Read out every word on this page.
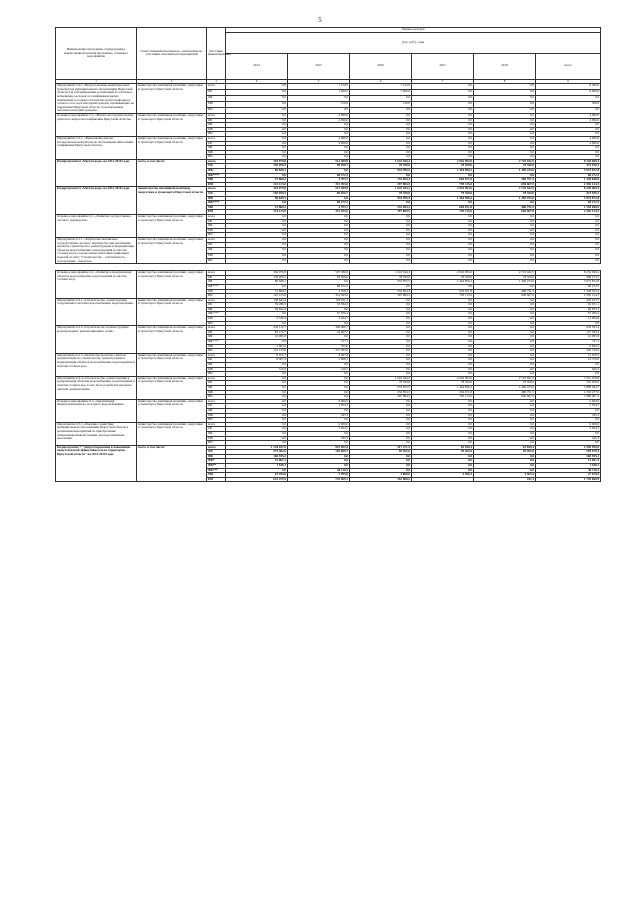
5
Наименование программы, подпрограммы, ведомственной целевой программы, основного мероприятия	Ответственный исполнитель, соисполнители, участники, исполнители мероприятий	Источник финансирования	Оценка расходов					
			(тыс. руб.), годы					
			2014	2015	2016	2017	2018	итого
1	2	3	4	5	6	7	8	9
Мероприятие 5.4.1 «Предоставление межбюджетных трансфертов муниципальным образованиям Иркутской области для субсидирования организаций на частичное возмещение расходов по газификации жилых помещений, в которых обеспечена подача природного сетевого газа, всех категорий граждан, проживающих на территории Иркутской области, за исключением льготных категорий граждан»	министерство жилищной политики, энергетики и транспорта Иркутской области	всего	0,0	1 150,0	7 210,0	0,0	0,0	8 360,0
		ОБ	0,0	1 000,0	7 000,0	0,0	0,0	8 000,0
		ФБ	0,0	0,0	0,0	0,0	0,0	0,0
		МБ	0,0	150,0	210,0	0,0	0,0	360,0
		ИИ	0,0	0,0	0,0	0,0	0,0	0,0
Основное мероприятие 5.5. «Научно-исследовательские работы по вопросам газификации Иркутской области»	министерство жилищной политики, энергетики и транспорта Иркутской области	всего	0,0	4 990,0	0,0	0,0	0,0	4 990,0
		ОБ	0,0	4 990,0	0,0	0,0	0,0	4 990,0
		ФБ	0,0	0,0	0,0	0,0	0,0	0,0
		МБ	0,0	0,0	0,0	0,0	0,0	0,0
		ИИ	0,0	0,0	0,0	0,0	0,0	0,0
Мероприятие 5.5.1. «Выполнение научно-исследовательской работы по обоснованию инвестиций газификации Иркутской области»	министерство жилищной политики, энергетики и транспорта Иркутской области	всего	0,0	4 990,0	0,0	0,0	0,0	4 990,0
		ОБ	0,0	4 990,0	0,0	0,0	0,0	4 990,0
		ФБ	0,0	0,0	0,0	0,0	0,0	0,0
		МБ	0,0	0,0	0,0	0,0	0,0	0,0
		ИИ	0,0	0,0	0,0	0,0	0,0	0,0
Подпрограмма 6 «Чистая вода» на 2014-2018 годы	всего, в том числе:	всего	394 079,8	513 389,8	1 643 044,3	2 942 993,0	2 745 942,5	8 240 069,4
		ОБ	150 050,5	89 020,7	78 350,0	78 350,0	78 350,0	474 930,2
		ФБ	86 828,1	0,0	933 955,5	1 464 856,2	1 490 233,0	3 975 872,8
		ФБ****	0,0	68 272,5	0,0	0,0	0,0	68 272,5
		МБ	15 869,2	4 703,7	232 854,3	604 671,8	480 751,5	1 338 848,6
		ИИ	141 123,0	351 393,0	397 884,5	795 115,0	696 607,9	2 382 124,3
Подпрограмма 6 «Чистая вода» на 2014-2018 годы	министерство жилищной политики, энергетики и транспорта Иркутской области	всего	394 079,8	513 389,8	1 643 044,3	2 942 993,0	2 745 942,5	8 240 069,4
		ОБ	150 050,5	89 020,7	78 350,0	78 350,0	78 350,0	474 930,2
		ФБ	86 828,1	0,0	933 955,5	1 464 856,2	1 490 233,0	3 975 872,8
		ФБ****	0,0	68 272,5	0,0	0,0	0,0	68 272,5
		МБ	15 869,2	4 703,7	232 854,3	604 671,8	480 751,5	1 338 848,6
		ИИ	141 123,0	351 393,0	397 884,5	795 115,0	696 607,9	2 382 124,3
Основное мероприятие 6.1. «Развитие государственно-частного партнерства»	министерство жилищной политики, энергетики и транспорта Иркутской области	всего	0,0	0,0	0,0	0,0	0,0	0,0
		ОБ	0,0	0,0	0,0	0,0	0,0	0,0
		ФБ	0,0	0,0	0,0	0,0	0,0	0,0
		МБ	0,0	0,0	0,0	0,0	0,0	0,0
		ИИ	0,0	0,0	0,0	0,0	0,0	0,0
Мероприятие 6.1.1. «Разработка механизмов государственно-частного партнерства при реализации проектов строительства, реконструкции и модернизации объектов водоснабжения, водоотведения и очистки сточных вод на основе концессий и инвестиционных моделей по типу "Строительство – собственность – эксплуатация – передача»	министерство жилищной политики, энергетики и транспорта Иркутской области	всего	0,0	0,0	0,0	0,0	0,0	0,0
		ОБ	0,0	0,0	0,0	0,0	0,0	0,0
		ФБ	0,0	0,0	0,0	0,0	0,0	0,0
		МБ	0,0	0,0	0,0	0,0	0,0	0,0
		ИИ	0,0	0,0	0,0	0,0	0,0	0,0

Основное мероприятие 6.2. «Развитие и модернизация объектов водоснабжения, водоотведения и очистки сточных вод»	министерство жилищной политики, энергетики и транспорта Иркутской области	всего	394 079,8	507 389,8	1 643 044,3	2 942 993,0	2 745 942,5	8 234 069,4
		ОБ	150 050,5	83 366,0	78 350,0	78 350,0	78 350,0	468 275,5
		ФБ	86 828,1	0,0	933 955,5	1 464 856,2	1 490 233,0	3 975 872,8
		ФБ****	0,0	68 272,5	0,0	0,0	0,0	68 272,5
		МБ	15 869,2	4 358,3	232 854,3	604 671,8	480 751,5	1 338 503,2
		ИИ	141 123,0	351 393,0	397 884,5	795 115,0	696 607,9	2 382 124,3
Мероприятие 6.2.1 «Строительство, реконструкция сооружений в системах водоснабжения, водоотведения»	министерство жилищной политики, энергетики и транспорта Иркутской области	всего	138 642,4	104 811,3	0,0	0,0	0,0	243 453,7
		ОБ	59 286,5	33 384,2	0,0	0,0	0,0	92 671,1
		ФБ	69 832,3	0,0	0,0	0,0	0,0	69 832,3
		ФБ****	0,0	67 956,4	0,0	0,0	0,0	67 956,4
		МБ	9 530,2	3 464,7	0,0	0,0	0,0	12 994,9
		ИИ	0,0	0,0	0,0	0,0	0,0	0,0
Мероприятие 6.2.2 «Строительство и реконструкция водопроводных, канализационных сетей»	министерство жилищной политики, энергетики и транспорта Иркутской области	всего	243 112,7	396 480,7	0,0	0,0	0,0	639 593,4
		ОБ	83 176,7	44 007,7	0,0	0,0	0,0	127 184,4
		ФБ	16 995,8	0,0	0,0	0,0	0,0	16 995,8
		ФБ****	0,0	317,1	0,0	0,0	0,0	317,1
		МБ	5 903,2	762,0	0,0	0,0	0,0	6 665,2
		ИИ	141 123,0	351 393,0	0,0	0,0	0,0	492 516,0
Мероприятие 6.2.3 «Разработка проектно-сметной документации по строительству, реконструкции и модернизации объектов водоснабжения, водоотведения и очистки сточных вод»	министерство жилищной политики, энергетики и транспорта Иркутской области	всего	8 972,7	6 097,8	0,0	0,0	0,0	15 070,5
		ОБ	8 407,9	5 968,1	0,0	0,0	0,0	14 376,0
		ФБ	0,0	0,0	0,0	0,0	0,0	0,0
		МБ	515,8	129,7	0,0	0,0	0,0	645,5
		ИИ	0,0	0,0	0,0	0,0	0,0	0,0
Мероприятие 6.2.4 «Строительство, реконструкция и модернизация объектов водоснабжения, водоотведения и очистки сточных вод, в том числе разработка проектно-сметной документации»	министерство жилищной политики, энергетики и транспорта Иркутской области	всего	0,0	0,0	1 643 044,3	2 942 993,0	2 745 942,5	7 331 979,8
		ОБ	0,0	0,0	78 350,0	78 350,0	78 350,0	235 050,0
		ФБ	0,0	0,0	933 955,5	1 464 856,2	1 490 233,0	3 889 044,7
		МБ	0,0	0,0	232 854,3	604 671,8	480 751,5	1 318 277,6
		ИИ	0,0	0,0	397 884,5	795 115,0	696 607,9	1 889 607,4
Основное мероприятие 6.3. «Организация нецентрализованного холодного водоснабжения»	министерство жилищной политики, энергетики и транспорта Иркутской области	всего	0,0	6 000,0	0,0	0,0	0,0	6 000,0
		ОБ	0,0	5 654,7	0,0	0,0	0,0	5 654,7
		ФБ	0,0	0,0	0,0	0,0	0,0	0,0
		МБ	0,0	345,3	0,0	0,0	0,0	345,3
		ИИ	0,0	0,0	0,0	0,0	0,0	0,0
Мероприятие 6.3.1 «Оказание содействия муниципальным образованиям Иркутской области в реализации мероприятий по приобретению специализированной техники для водоснабжения населения»	министерство жилищной политики, энергетики и транспорта Иркутской области	всего	0,0	6 000,0	0,0	0,0	0,0	6 000,0
		ОБ	0,0	5 654,7	0,0	0,0	0,0	5 654,7
		ФБ	0,0	0,0	0,0	0,0	0,0	0,0
		МБ	0,0	345,3	0,0	0,0	0,0	345,3
		ИИ	0,0	0,0	0,0	0,0	0,0	0,0
Подпрограмма 7 "Энергосбережение и повышение энергетической эффективности на территории Иркутской области" на 2014-2018 годы	всего, в том числе:	всего	1 144 187,6	901 502,9	417 271,5	63 949,4	63 849,4	2 590 590,8
		ОБ	275 482,6	105 660,7	59 202,0	59 202,0	59 202,0	558 979,4
		ФБ	160 935,2	0,0	0,0	0,0	0,0	160 935,2
		ФБ*	51 061,3	0,0	0,0	0,0	0,0	51 061,3
		ФБ**	1 538,1	0,0	0,0	0,0	0,0	1 538,1
		ФБ***	0,0	40 110,3	0,0	0,0	0,0	40 110,3
		МБ	10 294,6	5 995,8	4 869,0	4 596,3	4 505,3	27 670,0
		ИИ	641 479,5	743 965,7	353 800,5		242,1	1 739 668,9
